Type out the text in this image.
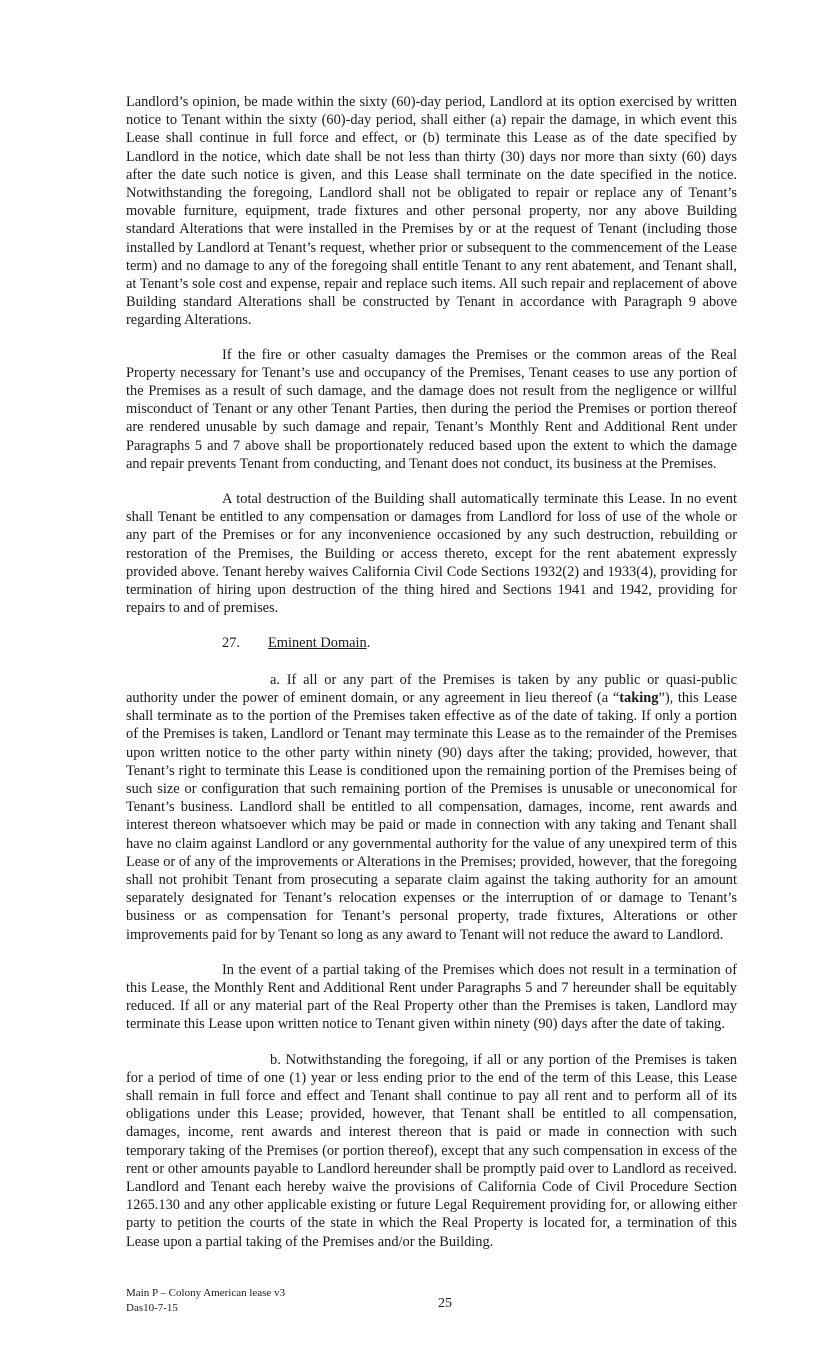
Landlord’s opinion, be made within the sixty (60)-day period, Landlord at its option exercised by written notice to Tenant within the sixty (60)-day period, shall either (a) repair the damage, in which event this Lease shall continue in full force and effect, or (b) terminate this Lease as of the date specified by Landlord in the notice, which date shall be not less than thirty (30) days nor more than sixty (60) days after the date such notice is given, and this Lease shall terminate on the date specified in the notice. Notwithstanding the foregoing, Landlord shall not be obligated to repair or replace any of Tenant’s movable furniture, equipment, trade fixtures and other personal property, nor any above Building standard Alterations that were installed in the Premises by or at the request of Tenant (including those installed by Landlord at Tenant’s request, whether prior or subsequent to the commencement of the Lease term) and no damage to any of the foregoing shall entitle Tenant to any rent abatement, and Tenant shall, at Tenant’s sole cost and expense, repair and replace such items. All such repair and replacement of above Building standard Alterations shall be constructed by Tenant in accordance with Paragraph 9 above regarding Alterations.

If the fire or other casualty damages the Premises or the common areas of the Real Property necessary for Tenant’s use and occupancy of the Premises, Tenant ceases to use any portion of the Premises as a result of such damage, and the damage does not result from the negligence or willful misconduct of Tenant or any other Tenant Parties, then during the period the Premises or portion thereof are rendered unusable by such damage and repair, Tenant’s Monthly Rent and Additional Rent under Paragraphs 5 and 7 above shall be proportionately reduced based upon the extent to which the damage and repair prevents Tenant from conducting, and Tenant does not conduct, its business at the Premises.

A total destruction of the Building shall automatically terminate this Lease. In no event shall Tenant be entitled to any compensation or damages from Landlord for loss of use of the whole or any part of the Premises or for any inconvenience occasioned by any such destruction, rebuilding or restoration of the Premises, the Building or access thereto, except for the rent abatement expressly provided above. Tenant hereby waives California Civil Code Sections 1932(2) and 1933(4), providing for termination of hiring upon destruction of the thing hired and Sections 1941 and 1942, providing for repairs to and of premises.

27. Eminent Domain.

a. If all or any part of the Premises is taken by any public or quasi-public authority under the power of eminent domain, or any agreement in lieu thereof (a “taking”), this Lease shall terminate as to the portion of the Premises taken effective as of the date of taking. If only a portion of the Premises is taken, Landlord or Tenant may terminate this Lease as to the remainder of the Premises upon written notice to the other party within ninety (90) days after the taking; provided, however, that Tenant’s right to terminate this Lease is conditioned upon the remaining portion of the Premises being of such size or configuration that such remaining portion of the Premises is unusable or uneconomical for Tenant’s business. Landlord shall be entitled to all compensation, damages, income, rent awards and interest thereon whatsoever which may be paid or made in connection with any taking and Tenant shall have no claim against Landlord or any governmental authority for the value of any unexpired term of this Lease or of any of the improvements or Alterations in the Premises; provided, however, that the foregoing shall not prohibit Tenant from prosecuting a separate claim against the taking authority for an amount separately designated for Tenant’s relocation expenses or the interruption of or damage to Tenant’s business or as compensation for Tenant’s personal property, trade fixtures, Alterations or other improvements paid for by Tenant so long as any award to Tenant will not reduce the award to Landlord.

In the event of a partial taking of the Premises which does not result in a termination of this Lease, the Monthly Rent and Additional Rent under Paragraphs 5 and 7 hereunder shall be equitably reduced. If all or any material part of the Real Property other than the Premises is taken, Landlord may terminate this Lease upon written notice to Tenant given within ninety (90) days after the date of taking.

b. Notwithstanding the foregoing, if all or any portion of the Premises is taken for a period of time of one (1) year or less ending prior to the end of the term of this Lease, this Lease shall remain in full force and effect and Tenant shall continue to pay all rent and to perform all of its obligations under this Lease; provided, however, that Tenant shall be entitled to all compensation, damages, income, rent awards and interest thereon that is paid or made in connection with such temporary taking of the Premises (or portion thereof), except that any such compensation in excess of the rent or other amounts payable to Landlord hereunder shall be promptly paid over to Landlord as received. Landlord and Tenant each hereby waive the provisions of California Code of Civil Procedure Section 1265.130 and any other applicable existing or future Legal Requirement providing for, or allowing either party to petition the courts of the state in which the Real Property is located for, a termination of this Lease upon a partial taking of the Premises and/or the Building.

Main P – Colony American lease v3
Das10-7-15	25
